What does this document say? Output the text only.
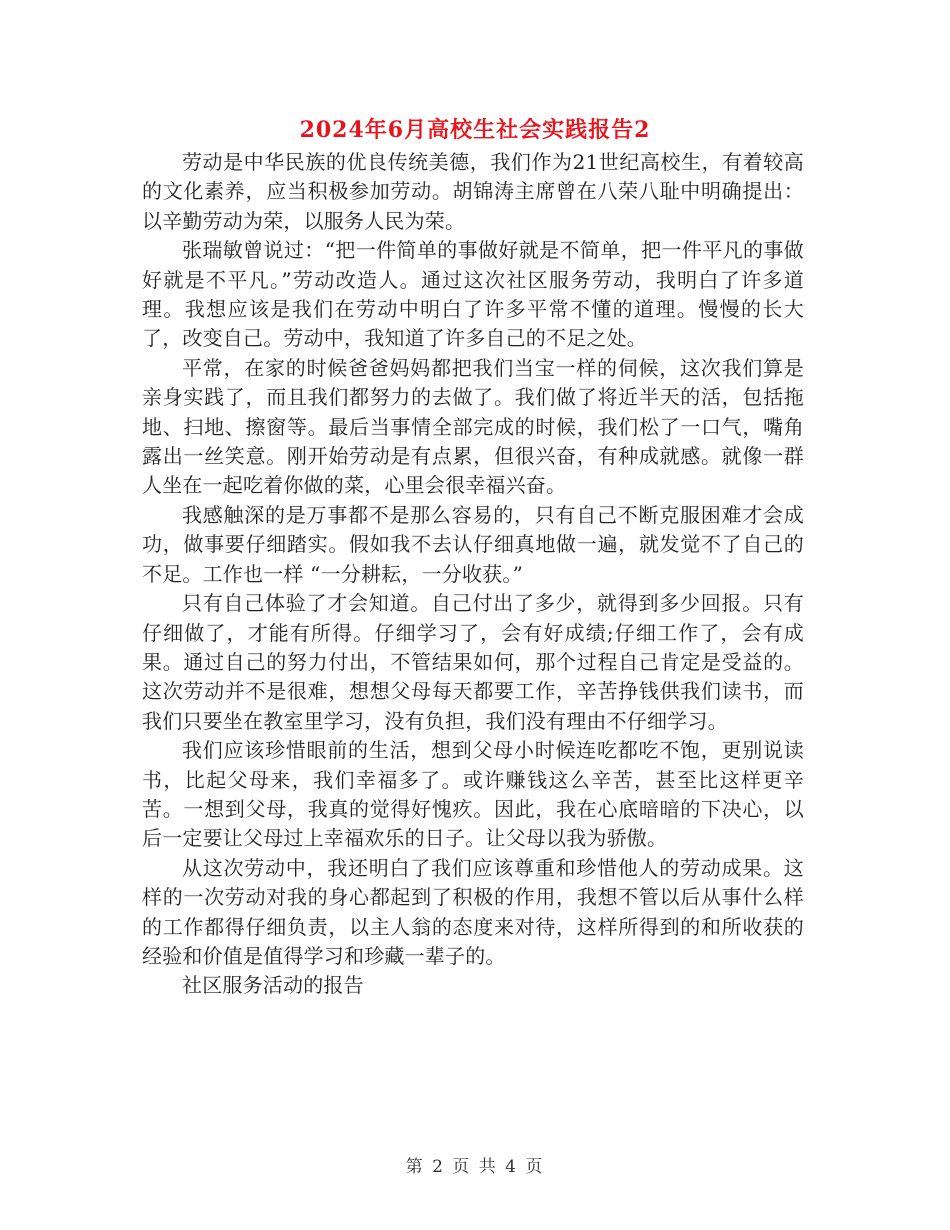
2024年6月高校生社会实践报告2

劳动是中华民族的优良传统美德，我们作为21世纪高校生，有着较高的文化素养，应当积极参加劳动。胡锦涛主席曾在八荣八耻中明确提出：以辛勤劳动为荣，以服务人民为荣。

张瑞敏曾说过：“把一件简单的事做好就是不简单，把一件平凡的事做好就是不平凡。”劳动改造人。通过这次社区服务劳动，我明白了许多道理。我想应该是我们在劳动中明白了许多平常不懂的道理。慢慢的长大了，改变自己。劳动中，我知道了许多自己的不足之处。

平常，在家的时候爸爸妈妈都把我们当宝一样的伺候，这次我们算是亲身实践了，而且我们都努力的去做了。我们做了将近半天的活，包括拖地、扫地、擦窗等。最后当事情全部完成的时候，我们松了一口气，嘴角露出一丝笑意。刚开始劳动是有点累，但很兴奋，有种成就感。就像一群人坐在一起吃着你做的菜，心里会很幸福兴奋。

我感触深的是万事都不是那么容易的，只有自己不断克服困难才会成功，做事要仔细踏实。假如我不去认仔细真地做一遍，就发觉不了自己的不足。工作也一样 “一分耕耘，一分收获。”

只有自己体验了才会知道。自己付出了多少，就得到多少回报。只有仔细做了，才能有所得。仔细学习了，会有好成绩;仔细工作了，会有成果。通过自己的努力付出，不管结果如何，那个过程自己肯定是受益的。这次劳动并不是很难，想想父母每天都要工作，辛苦挣钱供我们读书，而我们只要坐在教室里学习，没有负担，我们没有理由不仔细学习。

我们应该珍惜眼前的生活，想到父母小时候连吃都吃不饱，更别说读书，比起父母来，我们幸福多了。或许赚钱这么辛苦，甚至比这样更辛苦。一想到父母，我真的觉得好愧疚。因此，我在心底暗暗的下决心，以后一定要让父母过上幸福欢乐的日子。让父母以我为骄傲。

从这次劳动中，我还明白了我们应该尊重和珍惜他人的劳动成果。这样的一次劳动对我的身心都起到了积极的作用，我想不管以后从事什么样的工作都得仔细负责，以主人翁的态度来对待，这样所得到的和所收获的经验和价值是值得学习和珍藏一辈子的。

社区服务活动的报告

第 2 页 共 4 页
